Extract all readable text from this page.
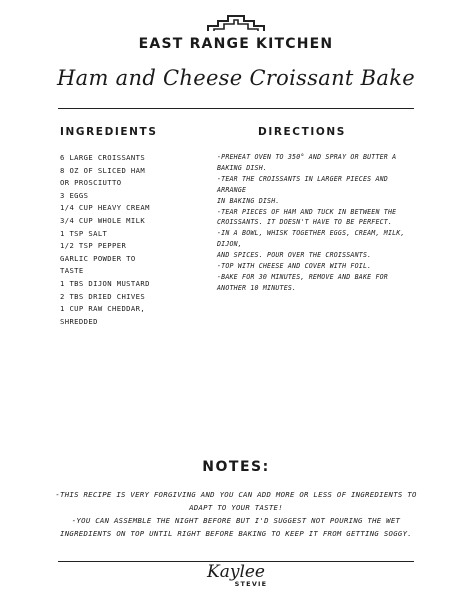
EAST RANGE KITCHEN
Ham and Cheese Croissant Bake
INGREDIENTS	DIRECTIONS
6 LARGE CROISSANTS
8 OZ OF SLICED HAM
OR PROSCIUTTO
3 EGGS
1/4 CUP HEAVY CREAM
3/4 CUP WHOLE MILK
1 TSP SALT
1/2 TSP PEPPER
GARLIC POWDER TO
TASTE
1 TBS DIJON MUSTARD
2 TBS DRIED CHIVES
1 CUP RAW CHEDDAR,
SHREDDED
-PREHEAT OVEN TO 350° AND SPRAY OR BUTTER A
BAKING DISH.
-TEAR THE CROISSANTS IN LARGER PIECES AND ARRANGE
IN BAKING DISH.
-TEAR PIECES OF HAM AND TUCK IN BETWEEN THE
CROISSANTS. IT DOESN'T HAVE TO BE PERFECT.
-IN A BOWL, WHISK TOGETHER EGGS, CREAM, MILK, DIJON,
AND SPICES. POUR OVER THE CROISSANTS.
-TOP WITH CHEESE AND COVER WITH FOIL.
-BAKE FOR 30 MINUTES, REMOVE AND BAKE FOR
ANOTHER 10 MINUTES.
NOTES:
-THIS RECIPE IS VERY FORGIVING AND YOU CAN ADD MORE OR LESS OF INGREDIENTS TO
ADAPT TO YOUR TASTE!
-YOU CAN ASSEMBLE THE NIGHT BEFORE BUT I'D SUGGEST NOT POURING THE WET
INGREDIENTS ON TOP UNTIL RIGHT BEFORE BAKING TO KEEP IT FROM GETTING SOGGY.
Kaylee
STEVIE
